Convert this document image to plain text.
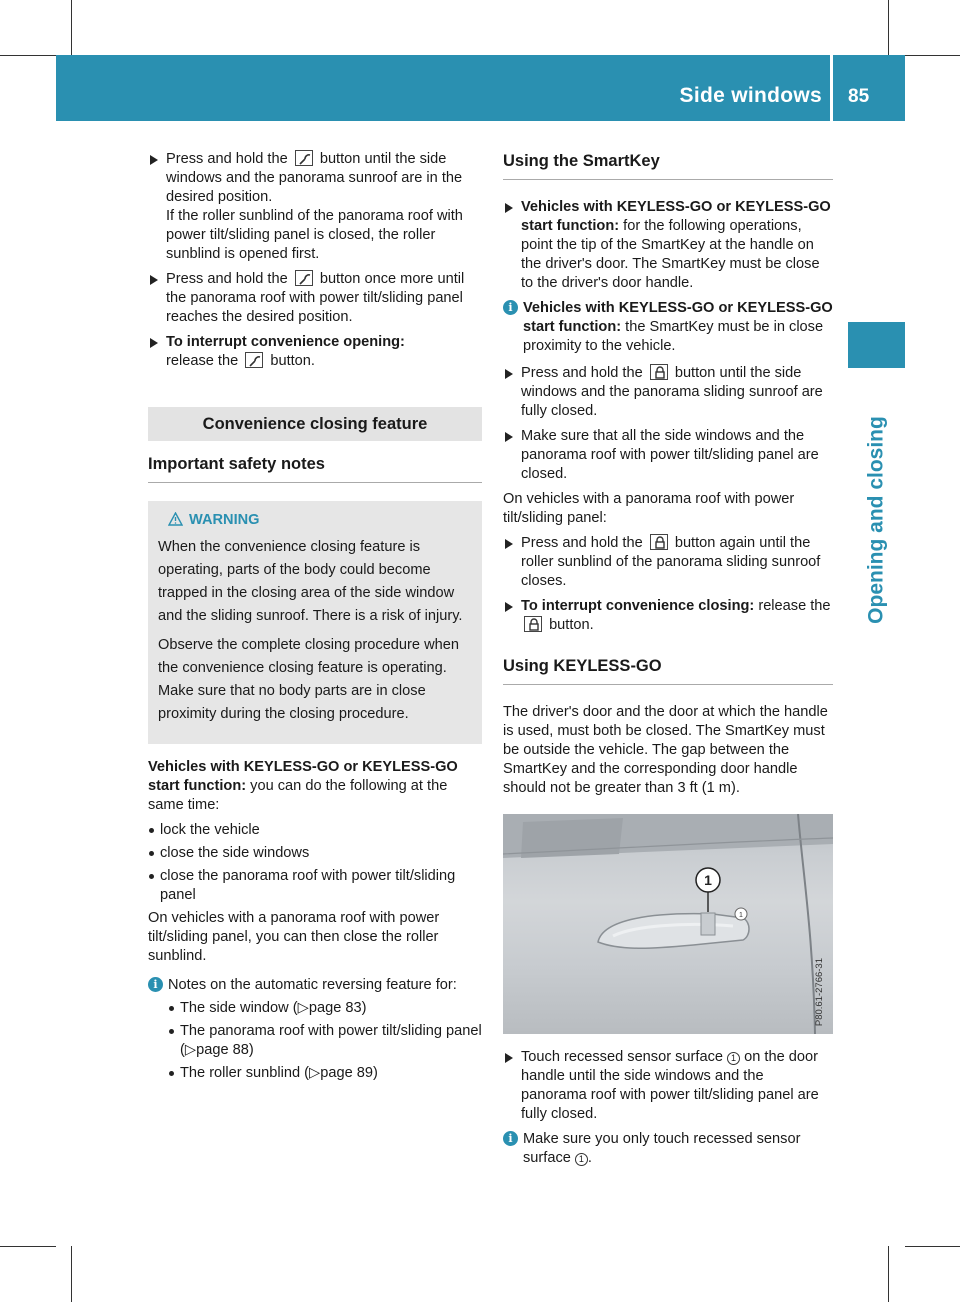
Side windows 85
Opening and closing
Press and hold the button until the side windows and the panorama sunroof are in the desired position.
If the roller sunblind of the panorama roof with power tilt/sliding panel is closed, the roller sunblind is opened first.
Press and hold the button once more until the panorama roof with power tilt/sliding panel reaches the desired position.
To interrupt convenience opening:
release the button.
Convenience closing feature
Important safety notes
WARNING

When the convenience closing feature is operating, parts of the body could become trapped in the closing area of the side window and the sliding sunroof. There is a risk of injury.

Observe the complete closing procedure when the convenience closing feature is operating. Make sure that no body parts are in close proximity during the closing procedure.

Vehicles with KEYLESS-GO or KEYLESS-GO start function: you can do the following at the same time:

lock the vehicle
close the side windows
close the panorama roof with power tilt/sliding panel

On vehicles with a panorama roof with power tilt/sliding panel, you can then close the roller sunblind.

i Notes on the automatic reversing feature for:
The side window (▷page 83)
The panorama roof with power tilt/sliding panel (▷page 88)
The roller sunblind (▷page 89)
Using the SmartKey
Vehicles with KEYLESS-GO or KEYLESS-GO start function: for the following operations, point the tip of the SmartKey at the handle on the driver's door. The SmartKey must be close to the driver's door handle.
i Vehicles with KEYLESS-GO or KEYLESS-GO start function: the SmartKey must be in close proximity to the vehicle.
Press and hold the button until the side windows and the panorama sliding sunroof are fully closed.
Make sure that all the side windows and the panorama roof with power tilt/sliding panel are closed.

On vehicles with a panorama roof with power tilt/sliding panel:

Press and hold the button again until the roller sunblind of the panorama sliding sunroof closes.
To interrupt convenience closing: release the
button.
Using KEYLESS-GO

The driver's door and the door at which the handle is used, must both be closed. The SmartKey must be outside the vehicle. The gap between the SmartKey and the corresponding door handle should not be greater than 3 ft (1 m).

1
1
P80.61-2766-31
Touch recessed sensor surface 1 on the door handle until the side windows and the panorama roof with power tilt/sliding panel are fully closed.
i Make sure you only touch recessed sensor surface 1 .
